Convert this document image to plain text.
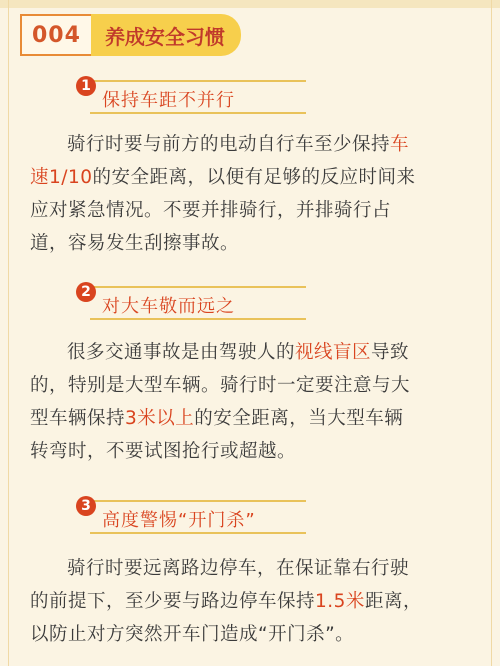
004	养成安全习惯
1
保持车距不并行
骑行时要与前方的电动自行车至少保持车
速1/10的安全距离，以便有足够的反应时间来
应对紧急情况。不要并排骑行，并排骑行占
道，容易发生刮擦事故。
2
对大车敬而远之
很多交通事故是由驾驶人的视线盲区导致
的，特别是大型车辆。骑行时一定要注意与大
型车辆保持3米以上的安全距离，当大型车辆
转弯时，不要试图抢行或超越。
3
高度警惕“开门杀”
骑行时要远离路边停车，在保证靠右行驶
的前提下，至少要与路边停车保持1.5米距离，
以防止对方突然开车门造成“开门杀”。
